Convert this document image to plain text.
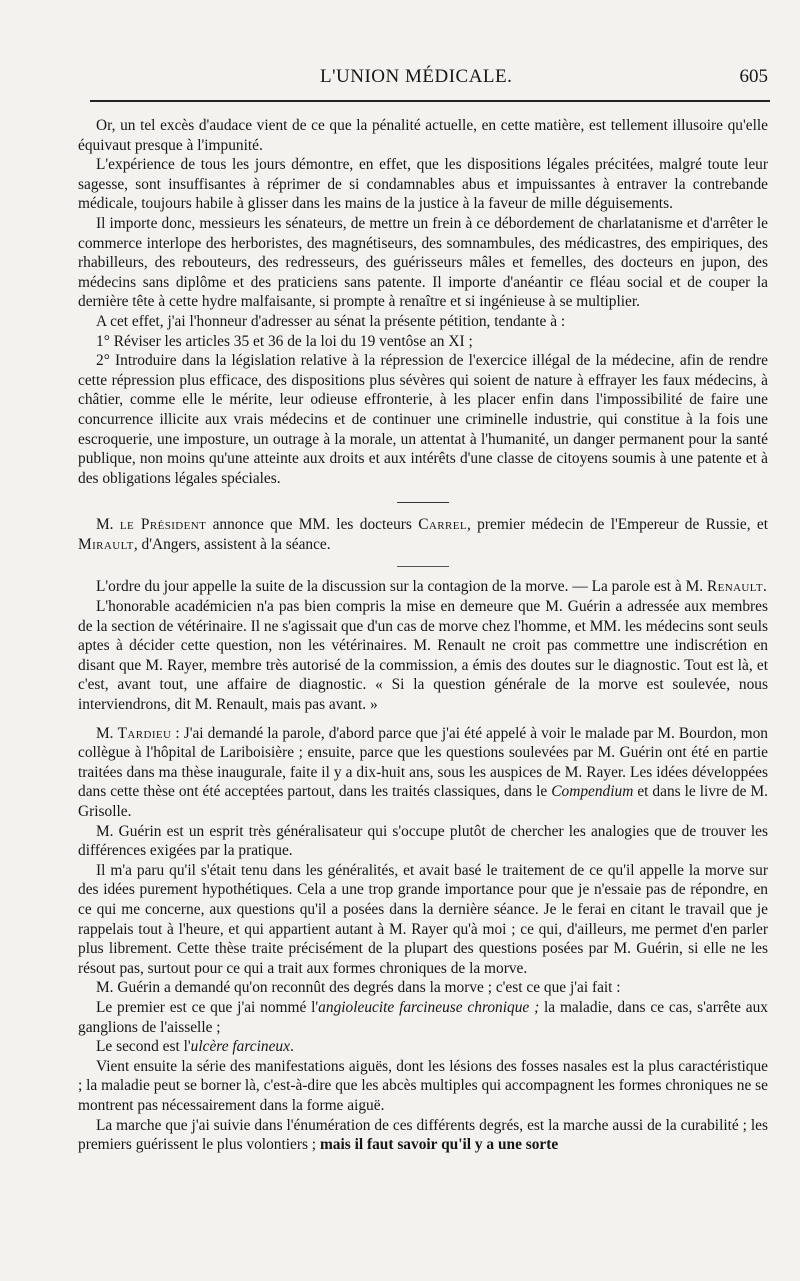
L'UNION MÉDICALE.	605

Or, un tel excès d'audace vient de ce que la pénalité actuelle, en cette matière, est tellement illusoire qu'elle équivaut presque à l'impunité.

L'expérience de tous les jours démontre, en effet, que les dispositions légales précitées, malgré toute leur sagesse, sont insuffisantes à réprimer de si condamnables abus et impuissantes à entraver la contrebande médicale, toujours habile à glisser dans les mains de la justice à la faveur de mille déguisements.

Il importe donc, messieurs les sénateurs, de mettre un frein à ce débordement de charlatanisme et d'arrêter le commerce interlope des herboristes, des magnétiseurs, des somnambules, des médicastres, des empiriques, des rhabilleurs, des rebouteurs, des redresseurs, des guérisseurs mâles et femelles, des docteurs en jupon, des médecins sans diplôme et des praticiens sans patente. Il importe d'anéantir ce fléau social et de couper la dernière tête à cette hydre malfaisante, si prompte à renaître et si ingénieuse à se multiplier.

A cet effet, j'ai l'honneur d'adresser au sénat la présente pétition, tendante à :

1° Réviser les articles 35 et 36 de la loi du 19 ventôse an XI ;

2° Introduire dans la législation relative à la répression de l'exercice illégal de la médecine, afin de rendre cette répression plus efficace, des dispositions plus sévères qui soient de nature à effrayer les faux médecins, à châtier, comme elle le mérite, leur odieuse effronterie, à les placer enfin dans l'impossibilité de faire une concurrence illicite aux vrais médecins et de continuer une criminelle industrie, qui constitue à la fois une escroquerie, une imposture, un outrage à la morale, un attentat à l'humanité, un danger permanent pour la santé publique, non moins qu'une atteinte aux droits et aux intérêts d'une classe de citoyens soumis à une patente et à des obligations légales spéciales.

M. le Président annonce que MM. les docteurs Carrel, premier médecin de l'Empereur de Russie, et Mirault, d'Angers, assistent à la séance.

L'ordre du jour appelle la suite de la discussion sur la contagion de la morve. — La parole est à M. Renault.

L'honorable académicien n'a pas bien compris la mise en demeure que M. Guérin a adressée aux membres de la section de vétérinaire. Il ne s'agissait que d'un cas de morve chez l'homme, et MM. les médecins sont seuls aptes à décider cette question, non les vétérinaires. M. Renault ne croit pas commettre une indiscrétion en disant que M. Rayer, membre très autorisé de la commission, a émis des doutes sur le diagnostic. Tout est là, et c'est, avant tout, une affaire de diagnostic. « Si la question générale de la morve est soulevée, nous interviendrons, dit M. Renault, mais pas avant. »

M. Tardieu : J'ai demandé la parole, d'abord parce que j'ai été appelé à voir le malade par M. Bourdon, mon collègue à l'hôpital de Lariboisière ; ensuite, parce que les questions soulevées par M. Guérin ont été en partie traitées dans ma thèse inaugurale, faite il y a dix-huit ans, sous les auspices de M. Rayer. Les idées développées dans cette thèse ont été acceptées partout, dans les traités classiques, dans le Compendium et dans le livre de M. Grisolle.

M. Guérin est un esprit très généralisateur qui s'occupe plutôt de chercher les analogies que de trouver les différences exigées par la pratique.

Il m'a paru qu'il s'était tenu dans les généralités, et avait basé le traitement de ce qu'il appelle la morve sur des idées purement hypothétiques. Cela a une trop grande importance pour que je n'essaie pas de répondre, en ce qui me concerne, aux questions qu'il a posées dans la dernière séance. Je le ferai en citant le travail que je rappelais tout à l'heure, et qui appartient autant à M. Rayer qu'à moi ; ce qui, d'ailleurs, me permet d'en parler plus librement. Cette thèse traite précisément de la plupart des questions posées par M. Guérin, si elle ne les résout pas, surtout pour ce qui a trait aux formes chroniques de la morve.

M. Guérin a demandé qu'on reconnût des degrés dans la morve ; c'est ce que j'ai fait :

Le premier est ce que j'ai nommé l'angioleucite farcineuse chronique ; la maladie, dans ce cas, s'arrête aux ganglions de l'aisselle ;

Le second est l'ulcère farcineux.

Vient ensuite la série des manifestations aiguës, dont les lésions des fosses nasales est la plus caractéristique ; la maladie peut se borner là, c'est-à-dire que les abcès multiples qui accompagnent les formes chroniques ne se montrent pas nécessairement dans la forme aiguë.

La marche que j'ai suivie dans l'énumération de ces différents degrés, est la marche aussi de la curabilité ; les premiers guérissent le plus volontiers ; mais il faut savoir qu'il y a une sorte
